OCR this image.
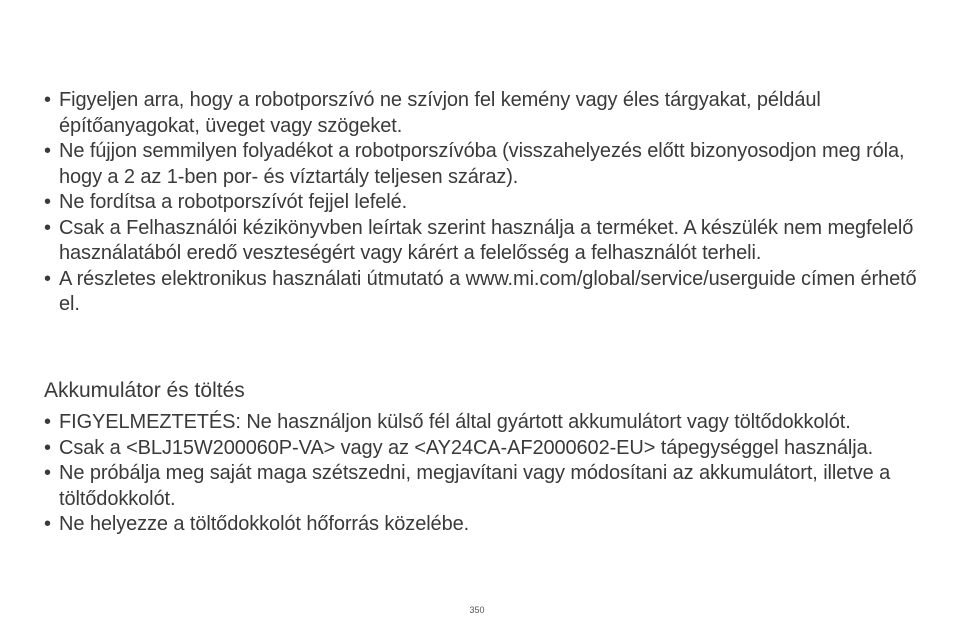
• Figyeljen arra, hogy a robotporszívó ne szívjon fel kemény vagy éles tárgyakat, például építőanyagokat, üveget vagy szögeket.
• Ne fújjon semmilyen folyadékot a robotporszívóba (visszahelyezés előtt bizonyosodjon meg róla, hogy a 2 az 1-ben por- és víztartály teljesen száraz).
• Ne fordítsa a robotporszívót fejjel lefelé.
• Csak a Felhasználói kézikönyvben leírtak szerint használja a terméket. A készülék nem megfelelő használatából eredő veszteségért vagy kárért a felelősség a felhasználót terheli.
• A részletes elektronikus használati útmutató a www.mi.com/global/service/userguide címen érhető el.
Akkumulátor és töltés
• FIGYELMEZTETÉS: Ne használjon külső fél által gyártott akkumulátort vagy töltődokkolót.
• Csak a <BLJ15W200060P-VA> vagy az <AY24CA-AF2000602-EU> tápegységgel használja.
• Ne próbálja meg saját maga szétszedni, megjavítani vagy módosítani az akkumulátort, illetve a töltődokkolót.
• Ne helyezze a töltődokkolót hőforrás közelébe.
350
